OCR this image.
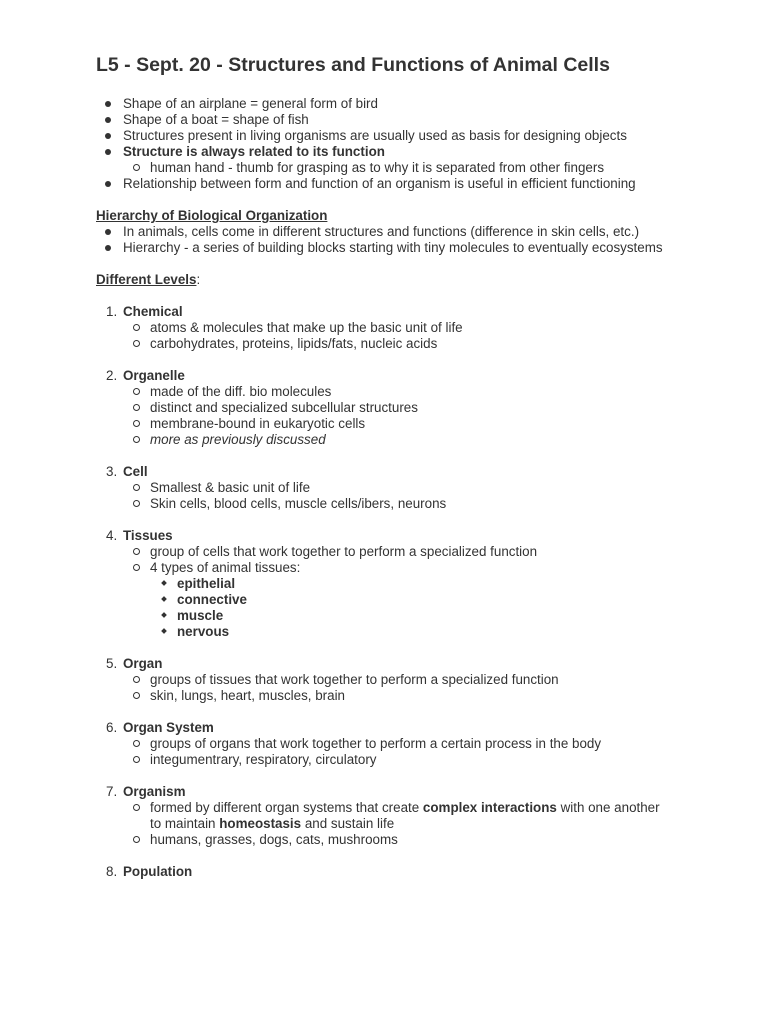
L5 - Sept. 20 - Structures and Functions of Animal Cells
Shape of an airplane = general form of bird
Shape of a boat = shape of fish
Structures present in living organisms are usually used as basis for designing objects
Structure is always related to its function
human hand - thumb for grasping as to why it is separated from other fingers
Relationship between form and function of an organism is useful in efficient functioning
Hierarchy of Biological Organization
In animals, cells come in different structures and functions (difference in skin cells, etc.)
Hierarchy - a series of building blocks starting with tiny molecules to eventually ecosystems
Different Levels:
1. Chemical
atoms & molecules that make up the basic unit of life
carbohydrates, proteins, lipids/fats, nucleic acids
2. Organelle
made of the diff. bio molecules
distinct and specialized subcellular structures
membrane-bound in eukaryotic cells
more as previously discussed
3. Cell
Smallest & basic unit of life
Skin cells, blood cells, muscle cells/ibers, neurons
4. Tissues
group of cells that work together to perform a specialized function
4 types of animal tissues:
epithelial
connective
muscle
nervous
5. Organ
groups of tissues that work together to perform a specialized function
skin, lungs, heart, muscles, brain
6. Organ System
groups of organs that work together to perform a certain process in the body
integumentrary, respiratory, circulatory
7. Organism
formed by different organ systems that create complex interactions with one another to maintain homeostasis and sustain life
humans, grasses, dogs, cats, mushrooms
8. Population
